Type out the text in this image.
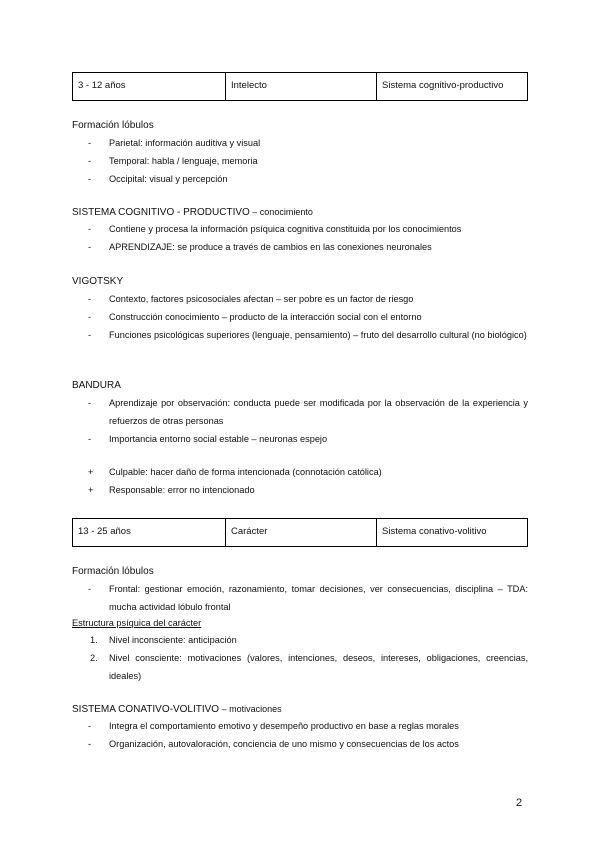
3 - 12 años	Intelecto	Sistema cognitivo-productivo
Formación lóbulos
- Parietal: información auditiva y visual
- Temporal: habla / lenguaje, memoria
- Occipital: visual y percepción
SISTEMA COGNITIVO - PRODUCTIVO – conocimiento
- Contiene y procesa la información psíquica cognitiva constituida por los conocimientos
- APRENDIZAJE: se produce a través de cambios en las conexiones neuronales
VIGOTSKY
- Contexto, factores psicosociales afectan – ser pobre es un factor de riesgo
- Construcción conocimiento – producto de la interacción social con el entorno
- Funciones psicológicas superiores (lenguaje, pensamiento) – fruto del desarrollo cultural (no biológico)
BANDURA
- Aprendizaje por observación: conducta puede ser modificada por la observación de la experiencia y refuerzos de otras personas
- Importancia entorno social estable – neuronas espejo
+ Culpable: hacer daño de forma intencionada (connotación católica)
+ Responsable: error no intencionado
13 - 25 años	Carácter	Sistema conativo-volitivo
Formación lóbulos
- Frontal: gestionar emoción, razonamiento, tomar decisiones, ver consecuencias, disciplina – TDA: mucha actividad lóbulo frontal
Estructura psíquica del carácter
1. Nivel inconsciente: anticipación
2. Nivel consciente: motivaciones (valores, intenciones, deseos, intereses, obligaciones, creencias, ideales)
SISTEMA CONATIVO-VOLITIVO – motivaciones
- Integra el comportamiento emotivo y desempeño productivo en base a reglas morales
- Organización, autovaloración, conciencia de uno mismo y consecuencias de los actos
2
